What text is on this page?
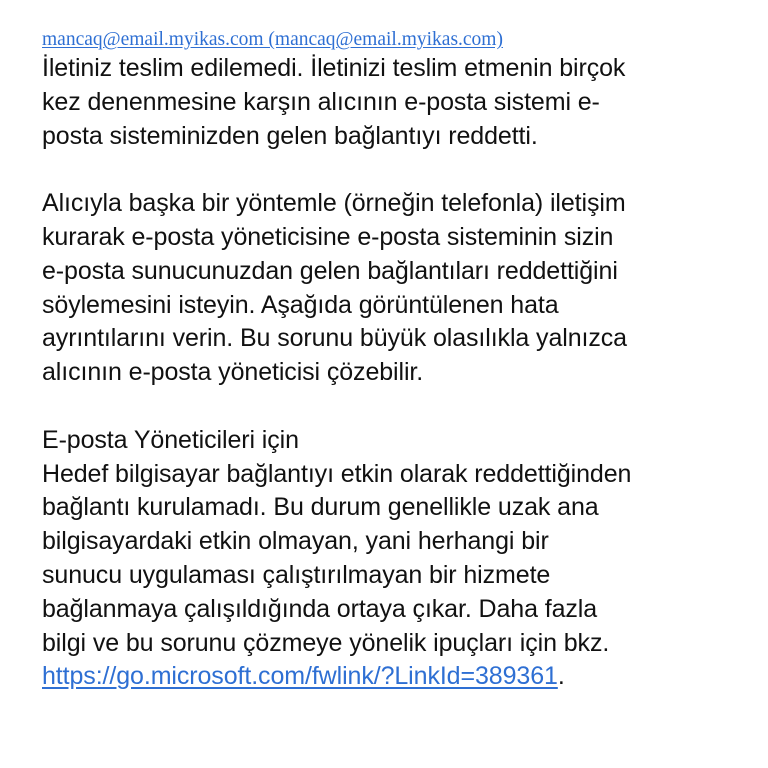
mancaq@email.myikas.com (mancaq@email.myikas.com)
İletiniz teslim edilemedi. İletinizi teslim etmenin birçok
kez denenmesine karşın alıcının e-posta sistemi e-
posta sisteminizden gelen bağlantıyı reddetti.
Alıcıyla başka bir yöntemle (örneğin telefonla) iletişim
kurarak e-posta yöneticisine e-posta sisteminin sizin
e-posta sunucunuzdan gelen bağlantıları reddettiğini
söylemesini isteyin. Aşağıda görüntülenen hata
ayrıntılarını verin. Bu sorunu büyük olasılıkla yalnızca
alıcının e-posta yöneticisi çözebilir.
E-posta Yöneticileri için
Hedef bilgisayar bağlantıyı etkin olarak reddettiğinden
bağlantı kurulamadı. Bu durum genellikle uzak ana
bilgisayardaki etkin olmayan, yani herhangi bir
sunucu uygulaması çalıştırılmayan bir hizmete
bağlanmaya çalışıldığında ortaya çıkar. Daha fazla
bilgi ve bu sorunu çözmeye yönelik ipuçları için bkz.
https://go.microsoft.com/fwlink/?LinkId=389361.
